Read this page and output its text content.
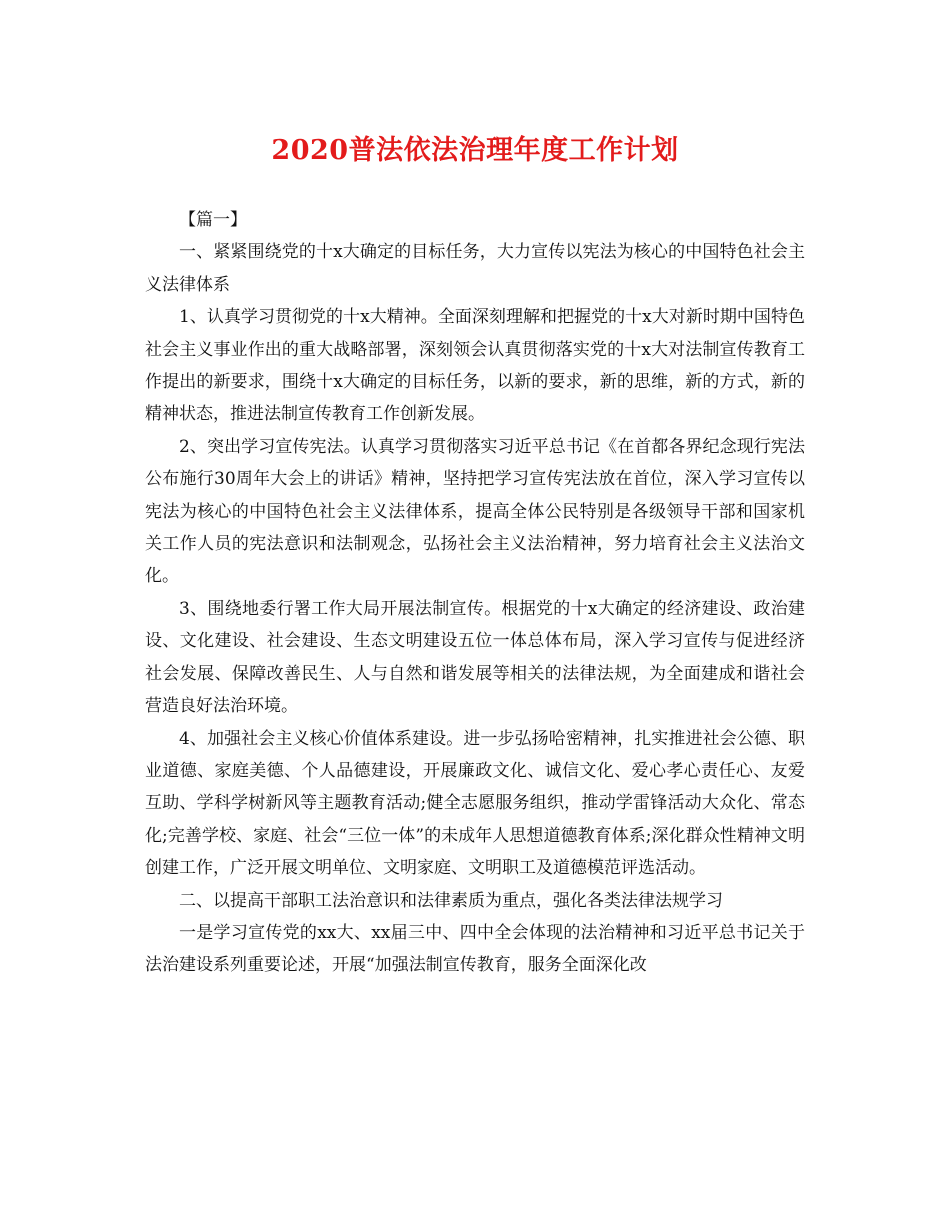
2020普法依法治理年度工作计划

【篇一】

一、紧紧围绕党的十x大确定的目标任务，大力宣传以宪法为核心的中国特色社会主义法律体系

1、认真学习贯彻党的十x大精神。全面深刻理解和把握党的十x大对新时期中国特色社会主义事业作出的重大战略部署，深刻领会认真贯彻落实党的十x大对法制宣传教育工作提出的新要求，围绕十x大确定的目标任务，以新的要求，新的思维，新的方式，新的精神状态，推进法制宣传教育工作创新发展。

2、突出学习宣传宪法。认真学习贯彻落实习近平总书记《在首都各界纪念现行宪法公布施行30周年大会上的讲话》精神，坚持把学习宣传宪法放在首位，深入学习宣传以宪法为核心的中国特色社会主义法律体系，提高全体公民特别是各级领导干部和国家机关工作人员的宪法意识和法制观念，弘扬社会主义法治精神，努力培育社会主义法治文化。

3、围绕地委行署工作大局开展法制宣传。根据党的十x大确定的经济建设、政治建设、文化建设、社会建设、生态文明建设五位一体总体布局，深入学习宣传与促进经济社会发展、保障改善民生、人与自然和谐发展等相关的法律法规，为全面建成和谐社会营造良好法治环境。

4、加强社会主义核心价值体系建设。进一步弘扬哈密精神，扎实推进社会公德、职业道德、家庭美德、个人品德建设，开展廉政文化、诚信文化、爱心孝心责任心、友爱互助、学科学树新风等主题教育活动;健全志愿服务组织，推动学雷锋活动大众化、常态化;完善学校、家庭、社会“三位一体”的未成年人思想道德教育体系;深化群众性精神文明创建工作，广泛开展文明单位、文明家庭、文明职工及道德模范评选活动。

二、以提高干部职工法治意识和法律素质为重点，强化各类法律法规学习

一是学习宣传党的xx大、xx届三中、四中全会体现的法治精神和习近平总书记关于法治建设系列重要论述，开展“加强法制宣传教育，服务全面深化改
